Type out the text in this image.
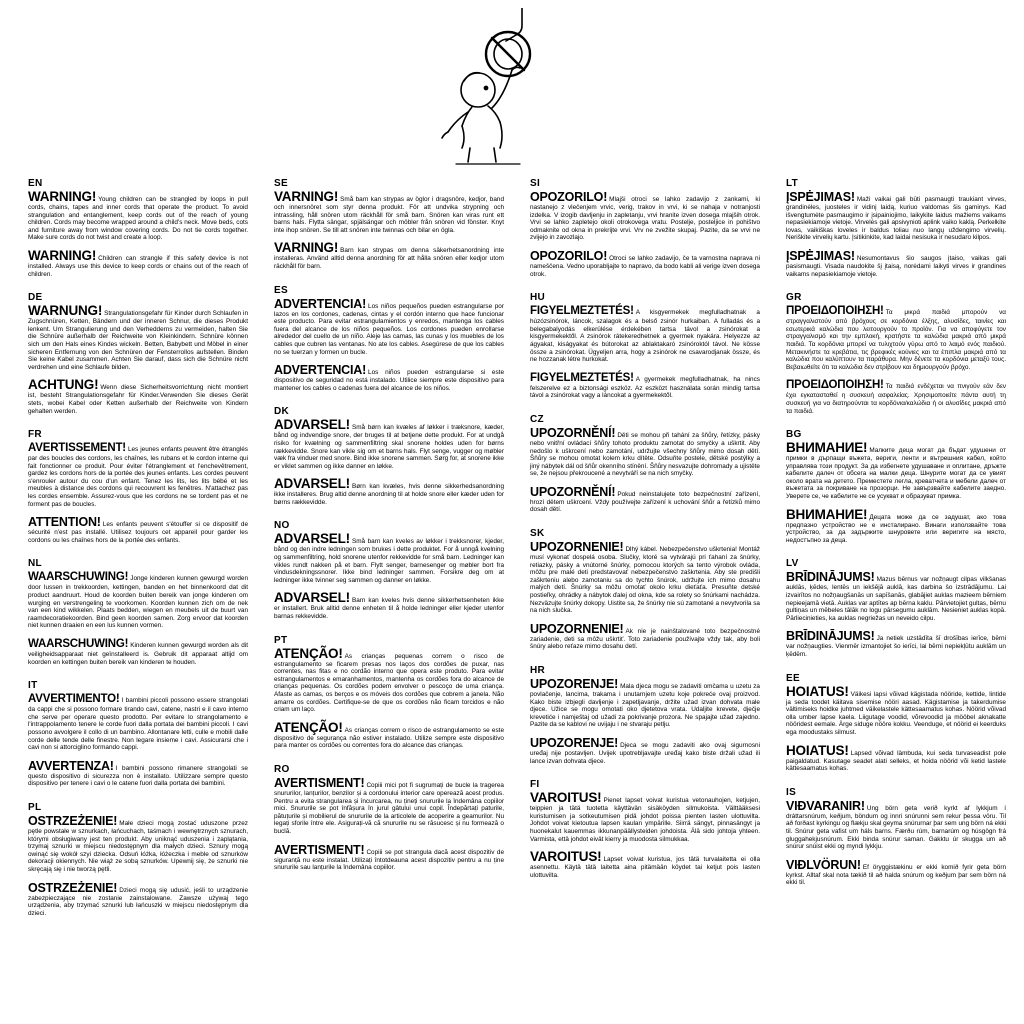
EN

WARNING! Young children can be strangled by loops in pull cords, chains, tapes and inner cords that operate the product. To avoid strangulation and entanglement, keep cords out of the reach of young children. Cords may become wrapped around a child's neck. Move beds, cots and furniture away from window covering cords. Do not tie cords together. Make sure cords do not twist and create a loop.

WARNING! Children can strangle if this safety device is not installed. Always use this device to keep cords or chains out of the reach of children.

DE

WARNUNG! Strangulationsgefahr für Kinder durch Schlaufen in Zugschnüren, Ketten, Bändern und der inneren Schnur, die dieses Produkt lenkent. Um Strangulierung und den Verhedderns zu vermeiden, halten Sie die Schnüre außerhalb der Reichweite von Kleinkindern. Schnüre können sich um den Hals eines Kindes wickeln. Betten, Babybett und Möbel in einer sicheren Entfernung von den Schnüren der Fensterrollos aufstellen. Binden Sie keine Kabel zusammen. Achten Sie darauf, dass sich die Schnüre nicht verdrehen und eine Schlaufe bilden.

ACHTUNG! Wenn diese Sicherheitsvorrichtung nicht montiert ist, besteht Strangulationsgefahr für Kinder.Verwenden Sie dieses Gerät stets, wobei Kabel oder Ketten außerhalb der Reichweite von Kindern gehalten werden.

FR

AVERTISSEMENT! Les jeunes enfants peuvent être étranglés par des boucles des cordons, les chaînes, les rubans et le cordon interne qui fait fonctionner ce produit. Pour éviter l'étranglement et l'enchevêtrement, gardez les cordons hors de la portée des jeunes enfants. Les cordes peuvent s'enrouler autour du cou d'un enfant. Tenez les lits, les lits bébé et les meubles à distance des cordons qui recouvrent les fenêtres. N'attachez pas les cordes ensemble. Assurez-vous que les cordons ne se tordent pas et ne forment pas de boucles.

ATTENTION! Les enfants peuvent s'étouffer si ce dispositif de sécurité n'est pas installé. Utilisez toujours cet appareil pour garder les cordons ou les chaînes hors de la portée des enfants.

NL

WAARSCHUWING! Jonge kinderen kunnen gewurgd worden door lussen in trekkoorden, kettingen, banden en het binnenkoord dat dit product aandruurt. Houd de koorden buiten bereik van jonge kinderen om wurging en verstrengeling te voorkomen. Koorden kunnen zich om de nek van een kind wikkelen. Plaats bedden, wiegen en meubels uit de buurt van raamdecoratiekoorden. Bind geen koorden samen. Zorg ervoor dat koorden niet kunnen draaien en een lus kunnen vormen.

WAARSCHUWING! Kinderen kunnen gewurgd worden als dit veiligheidsapparaat niet geïnstalleerd is. Gebruik dit apparaat altijd om koorden en kettingen buiten bereik van kinderen te houden.

IT

AVVERTIMENTO! I bambini piccoli possono essere strangolati da cappi che si possono formare tirando cavi, catene, nastri e il cavo interno che serve per operare questo prodotto. Per evitare lo strangolamento e l'intrappolamento tenere le corde fuori dalla portata dei bambini piccoli. I cavi possono avvolgere il collo di un bambino. Allontanare letti, culle e mobili dalle corde delle tende delle finestre. Non legare insieme i cavi. Assicurarsi che i cavi non si attorciglino formando cappi.

AVVERTENZA! I bambini possono rimanere strangolati se questo dispositivo di sicurezza non è installato. Utilizzare sempre questo dispositivo per tenere i cavi o le catene fuori dalla portata dei bambini.

PL

OSTRZEŻENIE! Małe dzieci mogą zostać uduszone przez pętle powstałe w sznurkach, łańcuchach, taśmach i wewnętrznych sznurach, którymi obsługiwany jest ten produkt. Aby uniknąć uduszenia i zaplątania, trzymaj sznurki w miejscu niedostępnym dla małych dzieci. Sznury mogą owinąć się wokół szyi dziecka. Odsuń łóżka, łóżeczka i meble od sznurków dekoracji okiennych. Nie wiąż ze sobą sznurków. Upewnij się, że sznurki nie skręcają się i nie tworzą pętli.

OSTRZEŻENIE! Dzieci mogą się udusić, jeśli to urządzenie zabezpieczające nie zostanie zainstalowane. Zawsze używaj tego urządzenia, aby trzymać sznurki lub łańcuszki w miejscu niedostępnym dla dzieci.

SE

VARNING! Små barn kan strypas av öglor i dragsnöre, kedjor, band och innersnöret som styr denna produkt. För att undvika strypning och intrassling, håll snören utom räckhåll för små barn. Snören kan viras runt ett barns hals. Flytta sängar, spjälsängar och möbler från snören vid fönster. Knyt inte ihop snören. Se till att snören inte twinnas och bilar en ögla.

VARNING! Barn kan strypas om denna säkerhetsanordning inte installeras. Använd alltid denna anordning för att hålla snören eller kedjor utom räckhåll för barn.

ES

ADVERTENCIA! Los niños pequeños pueden estrangularse por lazos en los cordones, cadenas, cintas y el cordón interno que hace funcionar este producto. Para evitar estrangulamientos y enredos, mantenga los cables fuera del alcance de los niños pequeños. Los cordones pueden enrollarse alrededor del cuello de un niño. Aleje las camas, las cunas y los muebles de los cables que cubren las ventanas. No ate los cables. Asegúrese de que los cables no se tuerzan y formen un bucle.

ADVERTENCIA! Los niños pueden estrangularse si este dispositivo de seguridad no está instalado. Utilice siempre este dispositivo para mantener los cables o cadenas fuera del alcance de los niños.

DK

ADVARSEL! Små børn kan kvæles af løkker i træksnore, kæder, bånd og indvendige snore, der bruges til at betjene dette produkt. For at undgå risiko for kvælning og sammenfiltring skal snorene holdes uden for børns rækkevidde. Snore kan vikle sig om et barns hals. Flyt senge, vugger og møbler væk fra vinduer med snore. Bind ikke snorene sammen. Sørg for, at snorene ikke er viklet sammen og ikke danner en løkke.

ADVARSEL! Børn kan kvæles, hvis denne sikkerhedsanordning ikke installeres. Brug altid denne anordning til at holde snore eller kæder uden for børns rækkevidde.

NO

ADVARSEL! Små barn kan kveles av løkker i trekksnorer, kjeder, bånd og den indre ledningen som brukes i dette produktet. For å unngå kvelning og sammenfiltring, hold snorene utenfor rekkevidde for små barn. Ledninger kan vikles rundt nakken på et barn. Flytt senger, barnesenger og møbler bort fra vindusdekningssnorer. Ikke bind ledninger sammen. Forsikre deg om at ledninger ikke tvinner seg sammen og danner en løkke.

ADVARSEL! Barn kan kveles hvis denne sikkerhetsenheten ikke er installert. Bruk alltid denne enheten til å holde ledninger eller kjeder utenfor barnas rekkevidde.

PT

ATENÇÃO! As crianças pequenas correm o risco de estrangulamento se ficarem presas nos laços dos cordões de puxar, nas correntes, nas fitas e no cordão interno que opera este produto. Para evitar estrangulamentos e emaranhamentos, mantenha os cordões fora do alcance de crianças pequenas. Os cordões podem envolver o pescoço de uma criança. Afaste as camas, os berços e os móveis dos cordões que cobrem a janela. Não amarre os cordões. Certifique-se de que os cordões não ficam torcidos e não criam um laço.

ATENÇÃO! As crianças correm o risco de estrangulamento se este dispositivo de segurança não estiver instalado. Utilize sempre este dispositivo para manter os cordões ou correntes fora do alcance das crianças.

RO

AVERTISMENT! Copiii mici pot fi sugrumați de bucle la tragerea snururilor, lanțurilor, benzilor și a cordonului interior care operează acest produs. Pentru a evita strangularea și încurcarea, nu țineți snururile la îndemâna copiilor mici. Snururile se pot înfășura în jurul gâtului unui copil. Îndepărtați paturile, pătuțurile și mobilierul de snururile de la articolele de acoperire a geamurilor. Nu legați sforile între ele. Asigurați-vă că snururile nu se răsucesc și nu formează o buclă.

AVERTISMENT! Copiii se pot strangula dacă acest dispozitiv de siguranță nu este instalat. Utilizați întotdeauna acest dispozitiv pentru a nu ține snururile sau lanțurile la îndemâna copiilor.

SI

OPOZORILO! Mlajši otroci se lahko zadavijo z zankami, ki nastanejo z vlečenjem vrvic, verig, trakov in vrvi, ki se nahaja v notranjosti izdelka. V izogib davljenju in zapletanju, vrvi hranite izven dosega mlajših otrok. Vrvi se lahko zapletejo okoli otrokovega vratu. Postelje, posteljice in pohištvo odmaknite od okna in prekrijte vrvi. Vrv ne zvežite skupaj. Pazite, da se vrvi ne zvijejo in zavozlajo.

OPOZORILO! Otroci se lahko zadavijo, če ta varnostna naprava ni nameščena. Vedno uporabljajte to napravo, da bodo kabli ali verige izven dosega otrok.

HU

FIGYELMEZTETÉS! A kisgyermekek megfulladhatnak a húzózsinórok, láncok, szalagok és a belső zsinór hurkaiban. A fulladás és a belegabalyodás elkerülése érdekében tartsa távol a zsinórokat a kisgyermekektől. A zsinórok rátekeredhetnek a gyermek nyakára. Helyezze az ágyakat, kiságyakat és bútorokat az ablaktakaró zsinóroktól távol. Ne kösse össze a zsinórokat. Ügyeljen arra, hogy a zsinórok ne csavarodjanak össze, és ne hozzanak létre hurkokat.

FIGYELMEZTETÉS! A gyermekek megfulladhatnak, ha nincs felszerelve ez a biztonsági eszköz. Az eszközt használata során mindig tartsa távol a zsinórokat vagy a láncokat a gyermekektől.

CZ

UPOZORNĚNÍ! Děti se mohou při tahání za šňůry, řetízky, pásky nebo vnitřní ovládací šňůry tohoto produktu zamotat do smyčky a uškrtit. Aby nedošlo k uškrcení nebo zamotání, udržujte všechny šňůry mimo dosah dětí. Šňůry se mohou omotat kolem krku dítěte. Odsuňte postele, dětské postýlky a jiný nábytek dál od šňůr okenního stínění. Šňůry nesvazujte dohromady a ujistěte se, že nejsou překroucené a nevytváří se na nich smyčky.

UPOZORNĚNÍ! Pokud neinstalujete toto bezpečnostní zařízení, hrozí dětem uškrcení. Vždy používejte zařízení k uchování šňůr a řetízků mimo dosah dětí.

SK

UPOZORNENIE! Dlhý kábel. Nebezpečenstvo uškrtenia! Montáž musí vykonať dospelá osoba. Slučky, ktoré sa vytvárajú pri ťahaní za šnúrky, retiazky, pásky a vnútorné šnúrky, pomocou ktorých sa tento výrobok ovláda, môžu pre malé deti predstavovať nebezpečenstvo zaškrtenia. Aby ste predišli zaškrteniu alebo zamotaniu sa do tychto šnúrok, udržujte ich mimo dosahu malých detí. Šnúrky sa môžu omotať okolo krku dieťaťa. Presuňte detské postieľky, ohrádky a nábytok ďalej od okna, kde sa rolety so šnúrkami nachádza. Nezväzujte šnúrky dokopy. Uistite sa, že šnúrky nie sú zamotané a nevytvorila sa na nich slučka.

UPOZORNENIE! Ak nie je nainštalované toto bezpečnostné zariadenie, deti sa môžu uškrtiť. Toto zariadenie používajte vždy tak, aby boli šnúry alebo reťaze mimo dosahu detí.

HR

UPOZORENJE! Mala djeca mogu se zadaviti omčama u uzetu za povlačenje, lancima, trakama i unutarnjem uzetu koje pokreće ovaj proizvod. Kako biste izbjegli davljenje i zapetljavanje, držite užad izvan dohvata male djece. Užice se mogu omotati oko djetetova vrata. Udaljite krevete, dječje krevetiće i namještaj od užadi za pokrivanje prozora. Ne spajajte užad zajedno. Pazite da se kablovi ne uvijaju i ne stvaraju petlju.

UPOZORENJE! Djeca se mogu zadaviti ako ovaj sigurnosni uređaj nije postavljen. Uvijek upotrebljavajte uređaj kako biste držali užad ili lance izvan dohvata djece.

FI

VAROITUS! Pienet lapset voivat kuristua vetonauhojen, ketjujen, teippien ja tätä tuotetta käyttävän sisäköyden silmukoista. Välttääksesi kuristumisen ja sotkeutumisen pidä johdot poissa pienten lasten ulottuvilta. Johdot voivat kietoutua lapsen kaulan ympärille. Siirrä sängyt, pinnasängyt ja huonekalut kauemmas ikkunanpäällysteiden johdoista. Älä sido johtoja yhteen. Varmista, että johdot eivät kierry ja muodosta silmukkaa.

VAROITUS! Lapset voivat kuristua, jos tätä turvalaitetta ei olla asennettu. Käytä tätä laitetta aina pitämään köydet tai ketjut pois lasten ulottuvilta.

LT

ĮSPĖJIMAS! Maži vaikai gali būti pasmaugti traukiant virves, grandinėles, juosteles ir vidinį laidą, kuriuo valdomas šis gaminys. Kad išvengtumėte pasmaugimo ir įsipainiojimo, laikykite laidus mažiems vaikams nepasiekiamoje vietoje. Virvelės gali apsivynioti aplink vaiko kaklą. Perkelkite lovas, vaikiškas loveles ir baldus toliau nuo langų uždengimo virvelių. Neriškite virvelių kartu. Įsitikinkite, kad laidai nesisuka ir nesudaro kilpos.

ĮSPĖJIMAS! Nesumontavus šio saugos įtaiso, vaikas gali pasismaugti. Visada naudokite šį įtaisą, norėdami laikyti virves ir grandines vaikams nepasiekiamoje vietoje.

GR

ΠΡΟΕΙΔΟΠΟΙΗΣΗ! Τα μικρά παιδιά μπορούν να στραγγαλιστούν από βρόχους σε κορδόνια έλξης, αλυσίδες, ταινίες και εσωτερικά καλώδια που λειτουργούν το προϊόν. Για να αποφύγετε τον στραγγαλισμό και την εμπλοκή, κρατήστε τα καλώδια μακριά από μικρά παιδιά. Τα κορδόνια μπορεί να τυλιχτούν γύρω από το λαιμό ενός παιδιού. Μετακινήστε τα κρεβάτια, τις βρεφικές κούνιες και τα έπιπλα μακριά από τα καλώδια που καλύπτουν τα παράθυρα. Μην δένετε τα κορδόνια μεταξύ τους. Βεβαιωθείτε ότι τα καλώδια δεν στρίβουν και δημιουργούν βρόχο.

ΠΡΟΕΙΔΟΠΟΙΗΣΗ! Τα παιδιά ενδέχεται να πνιγούν εάν δεν έχει εγκατασταθεί η συσκευή ασφαλείας. Χρησιμοποιείτε πάντα αυτή τη συσκευή για να διατηρούνται τα κορδόνια/καλώδια ή οι αλυσίδες μακριά από τα παιδιά.

BG

ВНИМАНИЕ! Малките деца могат да бъдат удушени от примки в дърпащи въжета, вериги, ленти и вътрешния кабел, който управлява този продукт. За да избегнете удушаване и оплитане, дръжте кабелите далеч от обсега на малки деца. Шнурите могат да се увият около врата на детето. Преместете легла, креватчета и мебели далеч от въжетата за покриване на прозорци. Не завързвайте кабелите заедно. Уверете се, че кабелите не се усукват и образуват примка.

ВНИМАНИЕ! Децата може да се задушат, ако това предпазно устройство не е инсталирано. Винаги използвайте това устройство, за да задържите шнуровете или веригите на място, недостъпно за деца.

LV

BRĪDINĀJUMS! Mazus bērnus var nožņaugt cilpas vilkšanas auklās, ķēdes, lentēs un iekšējā auklā, kas darbina šo izstrādājumu. Lai izvairītos no nožņaugšanās un sapīšanās, glabājiet auklas mazieem bērniem nepieejamā vietā. Auklas var aptītes ap bērna kaklu. Pārvietojiet gultas, bērnu gultiņas un mēbeles tālāk no logu pārsegumu auklām. Nesieniet auklas kopā. Pārliecinieties, ka auklas negriežas un neveido cilpu.

BRĪDINĀJUMS! Ja netiek uzstādīta šī drošības ierīce, bērni var nožņaugties. Vienmēr izmantojiet šo ierīci, lai bērni nepiekļūtu auklām un ķēdēm.

EE

HOIATUS! Väikesi lapsi võivad kägistada nööride, kettide, lintide ja seda toodet käitava sisemise nööri aasad. Kägistamise ja takerdumise vältimiseks hoidke juhtmed väikelastele kättesaamatus kohas. Nöörid võivad olla umber lapse kaela. Liigutage voodid, võrevoodid ja mööbel aknakatte nööridest eemale. Ärge siduge nööre kokku. Veenduge, et nöörid ei keerduks ega moodustaks silmust.

HOIATUS! Lapsed võivad lämbuda, kui seda turvaseadist pole paigaldatud. Kasutage seadet alati selleks, et hoida nöörid või ketid lastele kättesaamatus kohas.

IS

VIÐVARANIR! Ung börn geta verið kyrkt af lykkjum í dráttarsnúrum, keðjum, böndum og innri snúrunni sem rekur þessa vöru. Til að forðast kyrkingu og flækju skal geyma snúrurnar þar sem ung börn ná ekki til. Snúrur geta vafist um háls barns. Færðu rúm, barnarúm og húsgögn frá gluggahekjusnúrum. Ekki binda snúrur saman. Gakktu úr skugga um að snúrur snúist ekki og myndi lykkju.

VIÐLVÖRUN! Ef öryggistækinu er ekki komið fyrir geta börn kyrkst. Alltaf skal nota tækið til að halda snúrum og keðjum þar sem börn ná ekki til.
